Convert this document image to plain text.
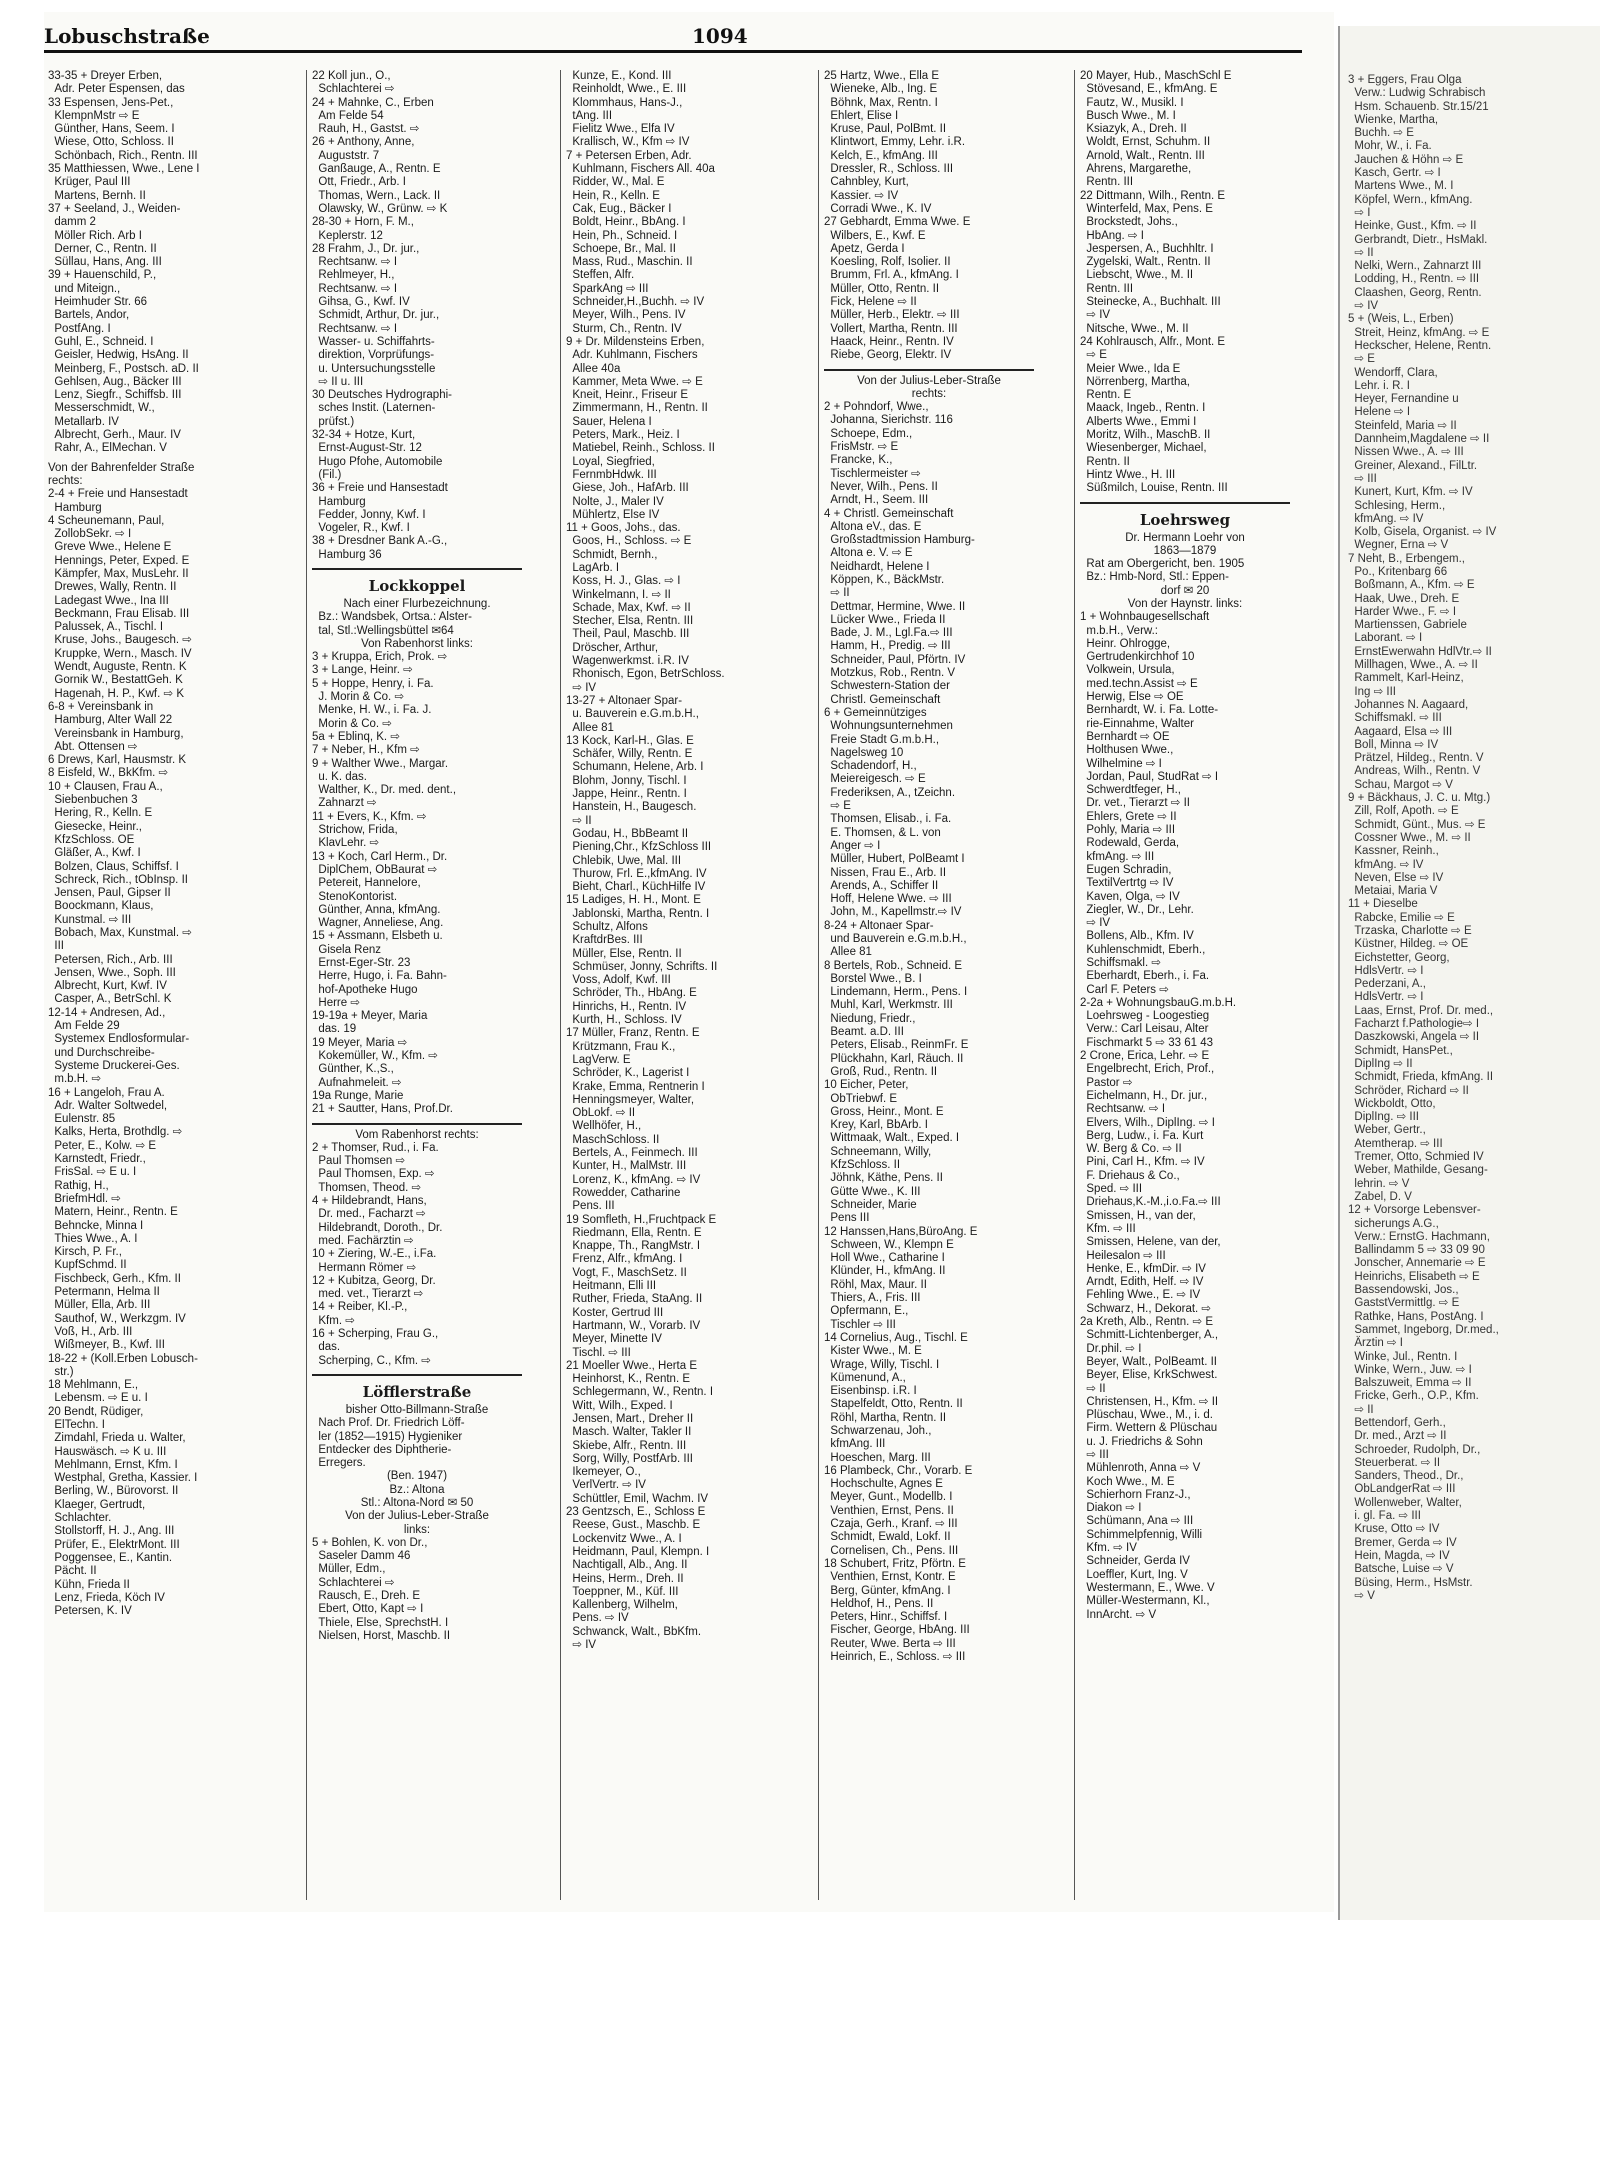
Lobuschstraße	1094
33-35 + Dreyer Erben,
Adr. Peter Espensen, das
33 Espensen, Jens-Pet.,
KlempnMstr ⇨ E
Günther, Hans, Seem. I
Wiese, Otto, Schloss. II
Schönbach, Rich., Rentn. III
35 Matthiessen, Wwe., Lene I
Krüger, Paul III
Martens, Bernh. II
37 + Seeland, J., Weiden-
damm 2
Möller Rich. Arb I
Derner, C., Rentn. II
Süllau, Hans, Ang. III
39 + Hauenschild, P.,
und Miteign.,
Heimhuder Str. 66
Bartels, Andor,
PostfAng. I
Guhl, E., Schneid. I
Geisler, Hedwig, HsAng. II
Meinberg, F., Postsch. aD. II
Gehlsen, Aug., Bäcker III
Lenz, Siegfr., Schiffsb. III
Messerschmidt, W.,
Metallarb. IV
Albrecht, Gerh., Maur. IV
Rahr, A., ElMechan. V
Von der Bahrenfelder Straße
rechts:
2-4 + Freie und Hansestadt
Hamburg
4 Scheunemann, Paul,
ZollobSekr. ⇨ I
Greve Wwe., Helene E
Hennings, Peter, Exped. E
Kämpfer, Max, MusLehr. II
Drewes, Wally, Rentn. II
Ladegast Wwe., Ina III
Beckmann, Frau Elisab. III
Palussek, A., Tischl. I
Kruse, Johs., Baugesch. ⇨
Kruppke, Wern., Masch. IV
Wendt, Auguste, Rentn. K
Gornik W., BestattGeh. K
Hagenah, H. P., Kwf. ⇨ K
6-8 + Vereinsbank in
Hamburg, Alter Wall 22
Vereinsbank in Hamburg,
Abt. Ottensen ⇨
6 Drews, Karl, Hausmstr. K
8 Eisfeld, W., BkKfm. ⇨
10 + Clausen, Frau A.,
Siebenbuchen 3
Hering, R., Kelln. E
Giesecke, Heinr.,
KfzSchloss. OE
Gläßer, A., Kwf. I
Bolzen, Claus, Schiffsf. I
Schreck, Rich., tObInsp. II
Jensen, Paul, Gipser II
Boockmann, Klaus,
Kunstmal. ⇨ III
Bobach, Max, Kunstmal. ⇨
III
Petersen, Rich., Arb. III
Jensen, Wwe., Soph. III
Albrecht, Kurt, Kwf. IV
Casper, A., BetrSchl. K
12-14 + Andresen, Ad.,
Am Felde 29
Systemex Endlosformular-
und Durchschreibe-
Systeme Druckerei-Ges.
m.b.H. ⇨
16 + Langeloh, Frau A.
Adr. Walter Soltwedel,
Eulenstr. 85
Kalks, Herta, Brothdlg. ⇨
Peter, E., Kolw. ⇨ E
Karnstedt, Friedr.,
FrisSal. ⇨ E u. I
Rathig, H.,
BriefmHdl. ⇨
Matern, Heinr., Rentn. E
Behncke, Minna I
Thies Wwe., A. I
Kirsch, P. Fr.,
KupfSchmd. II
Fischbeck, Gerh., Kfm. II
Petermann, Helma II
Müller, Ella, Arb. III
Sauthof, W., Werkzgm. IV
Voß, H., Arb. III
Wißmeyer, B., Kwf. III
18-22 + (Koll.Erben Lobusch-
str.)
18 Mehlmann, E.,
Lebensm. ⇨ E u. I
20 Bendt, Rüdiger,
ElTechn. I
Zimdahl, Frieda u. Walter,
Hauswäsch. ⇨ K u. III
Mehlmann, Ernst, Kfm. I
Westphal, Gretha, Kassier. I
Berling, W., Bürovorst. II
Klaeger, Gertrudt,
Schlachter.
Stollstorff, H. J., Ang. III
Prüfer, E., ElektrMont. III
Poggensee, E., Kantin.
Pächt. II
Kühn, Frieda II
Lenz, Frieda, Köch IV
Petersen, K. IV
22 Koll jun., O.,
Schlachterei ⇨
24 + Mahnke, C., Erben
Am Felde 54
Rauh, H., Gastst. ⇨
26 + Anthony, Anne,
Auguststr. 7
Ganßauge, A., Rentn. E
Ott, Friedr., Arb. I
Thomas, Wern., Lack. II
Olawsky, W., Grünw. ⇨ K
28-30 + Horn, F. M.,
Keplerstr. 12
28 Frahm, J., Dr. jur.,
Rechtsanw. ⇨ I
Rehlmeyer, H.,
Rechtsanw. ⇨ I
Gihsa, G., Kwf. IV
Schmidt, Arthur, Dr. jur.,
Rechtsanw. ⇨ I
Wasser- u. Schiffahrts-
direktion, Vorprüfungs-
u. Untersuchungsstelle
⇨ II u. III
30 Deutsches Hydrographi-
sches Instit. (Laternen-
prüfst.)
32-34 + Hotze, Kurt,
Ernst-August-Str. 12
Hugo Pfohe, Automobile
(Fil.)
36 + Freie und Hansestadt
Hamburg
Fedder, Jonny, Kwf. I
Vogeler, R., Kwf. I
38 + Dresdner Bank A.-G.,
Hamburg 36
Lockkoppel
Nach einer Flurbezeichnung.
Bz.: Wandsbek, Ortsa.: Alster-
tal, Stl.:Wellingsbüttel ✉64
Von Rabenhorst links:
3 + Kruppa, Erich, Prok. ⇨
3 + Lange, Heinr. ⇨
5 + Hoppe, Henry, i. Fa.
J. Morin & Co. ⇨
Menke, H. W., i. Fa. J.
Morin & Co. ⇨
5a + Eblinq, K. ⇨
7 + Neber, H., Kfm ⇨
9 + Walther Wwe., Margar.
u. K. das.
Walther, K., Dr. med. dent.,
Zahnarzt ⇨
11 + Evers, K., Kfm. ⇨
Strichow, Frida,
KlavLehr. ⇨
13 + Koch, Carl Herm., Dr.
DiplChem, ObBaurat ⇨
Petereit, Hannelore,
StenoKontorist.
Günther, Anna, kfmAng.
Wagner, Anneliese, Ang.
15 + Assmann, Elsbeth u.
Gisela Renz
Ernst-Eger-Str. 23
Herre, Hugo, i. Fa. Bahn-
hof-Apotheke Hugo
Herre ⇨
19-19a + Meyer, Maria
das. 19
19 Meyer, Maria ⇨
Kokemüller, W., Kfm. ⇨
Günther, K.,S.,
Aufnahmeleit. ⇨
19a Runge, Marie
21 + Sautter, Hans, Prof.Dr.
Vom Rabenhorst rechts:
2 + Thomser, Rud., i. Fa.
Paul Thomsen ⇨
Paul Thomsen, Exp. ⇨
Thomsen, Theod. ⇨
4 + Hildebrandt, Hans,
Dr. med., Facharzt ⇨
Hildebrandt, Doroth., Dr.
med. Fachärztin ⇨
10 + Ziering, W.-E., i.Fa.
Hermann Römer ⇨
12 + Kubitza, Georg, Dr.
med. vet., Tierarzt ⇨
14 + Reiber, Kl.-P.,
Kfm. ⇨
16 + Scherping, Frau G.,
das.
Scherping, C., Kfm. ⇨
Löfflerstraße
bisher Otto-Billmann-Straße
Nach Prof. Dr. Friedrich Löff-
ler (1852—1915) Hygieniker
Entdecker des Diphtherie-
Erregers.
(Ben. 1947)
Bz.: Altona
Stl.: Altona-Nord ✉ 50
Von der Julius-Leber-Straße
links:
5 + Bohlen, K. von Dr.,
Saseler Damm 46
Müller, Edm.,
Schlachterei ⇨
Rausch, E., Dreh. E
Ebert, Otto, Kapt ⇨ I
Thiele, Else, SprechstH. I
Nielsen, Horst, Maschb. II
Kunze, E., Kond. III
Reinholdt, Wwe., E. III
Klommhaus, Hans-J.,
tAng. III
Fielitz Wwe., Elfa IV
Krallisch, W., Kfm ⇨ IV
7 + Petersen Erben, Adr.
Kuhlmann, Fischers All. 40a
Ridder, W., Mal. E
Hein, R., Kelln. E
Cak, Eug., Bäcker I
Boldt, Heinr., BbAng. I
Hein, Ph., Schneid. I
Schoepe, Br., Mal. II
Mass, Rud., Maschin. II
Steffen, Alfr.
SparkAng ⇨ III
Schneider,H.,Buchh. ⇨ IV
Meyer, Wilh., Pens. IV
Sturm, Ch., Rentn. IV
9 + Dr. Mildensteins Erben,
Adr. Kuhlmann, Fischers
Allee 40a
Kammer, Meta Wwe. ⇨ E
Kneit, Heinr., Friseur E
Zimmermann, H., Rentn. II
Sauer, Helena I
Peters, Mark., Heiz. I
Matiebel, Reinh., Schloss. II
Loyal, Siegfried,
FernmbHdwk. III
Giese, Joh., HafArb. III
Nolte, J., Maler IV
Mühlertz, Else IV
11 + Goos, Johs., das.
Goos, H., Schloss. ⇨ E
Schmidt, Bernh.,
LagArb. I
Koss, H. J., Glas. ⇨ I
Winkelmann, I. ⇨ II
Schade, Max, Kwf. ⇨ II
Stecher, Elsa, Rentn. III
Theil, Paul, Maschb. III
Dröscher, Arthur,
Wagenwerkmst. i.R. IV
Rhonisch, Egon, BetrSchloss.
⇨ IV
13-27 + Altonaer Spar-
u. Bauverein e.G.m.b.H.,
Allee 81
13 Kock, Karl-H., Glas. E
Schäfer, Willy, Rentn. E
Schumann, Helene, Arb. I
Blohm, Jonny, Tischl. I
Jappe, Heinr., Rentn. I
Hanstein, H., Baugesch.
⇨ II
Godau, H., BbBeamt II
Piening,Chr., KfzSchloss III
Chlebik, Uwe, Mal. III
Thurow, Frl. E.,kfmAng. IV
Bieht, Charl., KüchHilfe IV
15 Ladiges, H. H., Mont. E
Jablonski, Martha, Rentn. I
Schultz, Alfons
KraftdrBes. III
Müller, Else, Rentn. II
Schmüser, Jonny, Schrifts. II
Voss, Adolf, Kwf. III
Schröder, Th., HbAng. E
Hinrichs, H., Rentn. IV
Kurth, H., Schloss. IV
17 Müller, Franz, Rentn. E
Krützmann, Frau K.,
LagVerw. E
Schröder, K., Lagerist I
Krake, Emma, Rentnerin I
Henningsmeyer, Walter,
ObLokf. ⇨ II
Wellhöfer, H.,
MaschSchloss. II
Bertels, A., Feinmech. III
Kunter, H., MalMstr. III
Lorenz, K., kfmAng. ⇨ IV
Rowedder, Catharine
Pens. III
19 Somfleth, H.,Fruchtpack E
Riedmann, Ella, Rentn. E
Knappe, Th., RangMstr. I
Frenz, Alfr., kfmAng. I
Vogt, F., MaschSetz. II
Heitmann, Elli III
Ruther, Frieda, StaAng. II
Koster, Gertrud III
Hartmann, W., Vorarb. IV
Meyer, Minette IV
Tischl. ⇨ III
21 Moeller Wwe., Herta E
Heinhorst, K., Rentn. E
Schlegermann, W., Rentn. I
Witt, Wilh., Exped. I
Jensen, Mart., Dreher II
Masch. Walter, Takler II
Skiebe, Alfr., Rentn. III
Sorg, Willy, PostfArb. III
Ikemeyer, O.,
VerlVertr. ⇨ IV
Schüttler, Emil, Wachm. IV
23 Gentzsch, E., Schloss E
Reese, Gust., Maschb. E
Lockenvitz Wwe., A. I
Heidmann, Paul, Klempn. I
Nachtigall, Alb., Ang. II
Heins, Herm., Dreh. II
Toeppner, M., Küf. III
Kallenberg, Wilhelm,
Pens. ⇨ IV
Schwanck, Walt., BbKfm.
⇨ IV
25 Hartz, Wwe., Ella E
Wieneke, Alb., Ing. E
Böhnk, Max, Rentn. I
Ehlert, Elise I
Kruse, Paul, PolBmt. II
Klintwort, Emmy, Lehr. i.R.
Kelch, E., kfmAng. III
Dressler, R., Schloss. III
Cahnbley, Kurt,
Kassier. ⇨ IV
Corradi Wwe., K. IV
27 Gebhardt, Emma Wwe. E
Wilbers, E., Kwf. E
Apetz, Gerda I
Koesling, Rolf, Isolier. II
Brumm, Frl. A., kfmAng. I
Müller, Otto, Rentn. II
Fick, Helene ⇨ II
Müller, Herb., Elektr. ⇨ III
Vollert, Martha, Rentn. III
Haack, Heinr., Rentn. IV
Riebe, Georg, Elektr. IV
Von der Julius-Leber-Straße
rechts:
2 + Pohndorf, Wwe.,
Johanna, Sierichstr. 116
Schoepe, Edm.,
FrisMstr. ⇨ E
Francke, K.,
Tischlermeister ⇨
Never, Wilh., Pens. II
Arndt, H., Seem. III
4 + Christl. Gemeinschaft
Altona eV., das. E
Großstadtmission Hamburg-
Altona e. V. ⇨ E
Neidhardt, Helene I
Köppen, K., BäckMstr.
⇨ II
Dettmar, Hermine, Wwe. II
Lücker Wwe., Frieda II
Bade, J. M., Lgl.Fa.⇨ III
Hamm, H., Predig. ⇨ III
Schneider, Paul, Pförtn. IV
Motzkus, Rob., Rentn. V
Schwestern-Station der
Christl. Gemeinschaft
6 + Gemeinnütziges
Wohnungsunternehmen
Freie Stadt G.m.b.H.,
Nagelsweg 10
Schadendorf, H.,
Meiereigesch. ⇨ E
Frederiksen, A., tZeichn.
⇨ E
Thomsen, Elisab., i. Fa.
E. Thomsen, & L. von
Anger ⇨ I
Müller, Hubert, PolBeamt I
Nissen, Frau E., Arb. II
Arends, A., Schiffer II
Hoff, Helene Wwe. ⇨ III
John, M., Kapellmstr.⇨ IV
8-24 + Altonaer Spar-
und Bauverein e.G.m.b.H.,
Allee 81
8 Bertels, Rob., Schneid. E
Borstel Wwe., B. I
Lindemann, Herm., Pens. I
Muhl, Karl, Werkmstr. III
Niedung, Friedr.,
Beamt. a.D. III
Peters, Elisab., ReinmFr. E
Plückhahn, Karl, Räuch. II
Groß, Rud., Rentn. II
10 Eicher, Peter,
ObTriebwf. E
Gross, Heinr., Mont. E
Krey, Karl, BbArb. I
Wittmaak, Walt., Exped. I
Schneemann, Willy,
KfzSchloss. II
Jöhnk, Käthe, Pens. II
Gütte Wwe., K. III
Schneider, Marie
Pens III
12 Hanssen,Hans,BüroAng. E
Schween, W., Klempn E
Holl Wwe., Catharine I
Klünder, H., kfmAng. II
Röhl, Max, Maur. II
Thiers, A., Fris. III
Opfermann, E.,
Tischler ⇨ III
14 Cornelius, Aug., Tischl. E
Kister Wwe., M. E
Wrage, Willy, Tischl. I
Kümenund, A.,
Eisenbinsp. i.R. I
Stapelfeldt, Otto, Rentn. II
Röhl, Martha, Rentn. II
Schwarzenau, Joh.,
kfmAng. III
Hoeschen, Marg. III
16 Plambeck, Chr., Vorarb. E
Hochschulte, Agnes E
Meyer, Gunt., Modellb. I
Venthien, Ernst, Pens. II
Czaja, Gerh., Kranf. ⇨ III
Schmidt, Ewald, Lokf. II
Cornelisen, Ch., Pens. III
18 Schubert, Fritz, Pförtn. E
Venthien, Ernst, Kontr. E
Berg, Günter, kfmAng. I
Heldhof, H., Pens. II
Peters, Hinr., Schiffsf. I
Fischer, George, HbAng. III
Reuter, Wwe. Berta ⇨ III
Heinrich, E., Schloss. ⇨ III
20 Mayer, Hub., MaschSchl E
Stövesand, E., kfmAng. E
Fautz, W., Musikl. I
Busch Wwe., M. I
Ksiazyk, A., Dreh. II
Woldt, Ernst, Schuhm. II
Arnold, Walt., Rentn. III
Ahrens, Margarethe,
Rentn. III
22 Dittmann, Wilh., Rentn. E
Winterfeld, Max, Pens. E
Brockstedt, Johs.,
HbAng. ⇨ I
Jespersen, A., Buchhltr. I
Zygelski, Walt., Rentn. II
Liebscht, Wwe., M. II
Rentn. III
Steinecke, A., Buchhalt. III
⇨ IV
Nitsche, Wwe., M. II
24 Kohlrausch, Alfr., Mont. E
⇨ E
Meier Wwe., Ida E
Nörrenberg, Martha,
Rentn. E
Maack, Ingeb., Rentn. I
Alberts Wwe., Emmi I
Moritz, Wilh., MaschB. II
Wiesenberger, Michael,
Rentn. II
Hintz Wwe., H. III
Süßmilch, Louise, Rentn. III
Loehrsweg
Dr. Hermann Loehr von
1863—1879
Rat am Obergericht, ben. 1905
Bz.: Hmb-Nord, Stl.: Eppen-
dorf ✉ 20
Von der Haynstr. links:
1 + Wohnbaugesellschaft
m.b.H., Verw.:
Heinr. Ohlrogge,
Gertrudenkirchhof 10
Volkwein, Ursula,
med.techn.Assist ⇨ E
Herwig, Else ⇨ OE
Bernhardt, W. i. Fa. Lotte-
rie-Einnahme, Walter
Bernhardt ⇨ OE
Holthusen Wwe.,
Wilhelmine ⇨ I
Jordan, Paul, StudRat ⇨ I
Schwerdtfeger, H.,
Dr. vet., Tierarzt ⇨ II
Ehlers, Grete ⇨ II
Pohly, Maria ⇨ III
Rodewald, Gerda,
kfmAng. ⇨ III
Eugen Schradin,
TextilVertrtg ⇨ IV
Kaven, Olga, ⇨ IV
Ziegler, W., Dr., Lehr.
⇨ IV
Bollens, Alb., Kfm. IV
Kuhlenschmidt, Eberh.,
Schiffsmakl. ⇨
Eberhardt, Eberh., i. Fa.
Carl F. Peters ⇨
2-2a + WohnungsbauG.m.b.H.
Loehrsweg - Loogestieg
Verw.: Carl Leisau, Alter
Fischmarkt 5 ⇨ 33 61 43
2 Crone, Erica, Lehr. ⇨ E
Engelbrecht, Erich, Prof.,
Pastor ⇨
Eichelmann, H., Dr. jur.,
Rechtsanw. ⇨ I
Elvers, Wilh., DiplIng. ⇨ I
Berg, Ludw., i. Fa. Kurt
W. Berg & Co. ⇨ II
Pini, Carl H., Kfm. ⇨ IV
F. Driehaus & Co.,
Sped. ⇨ III
Driehaus,K.-M.,i.o.Fa.⇨ III
Smissen, H., van der,
Kfm. ⇨ III
Smissen, Helene, van der,
Heilesalon ⇨ III
Henke, E., kfmDir. ⇨ IV
Arndt, Edith, Helf. ⇨ IV
Fehling Wwe., E. ⇨ IV
Schwarz, H., Dekorat. ⇨
2a Kreth, Alb., Rentn. ⇨ E
Schmitt-Lichtenberger, A.,
Dr.phil. ⇨ I
Beyer, Walt., PolBeamt. II
Beyer, Elise, KrkSchwest.
⇨ II
Christensen, H., Kfm. ⇨ II
Plüschau, Wwe., M., i. d.
Firm. Wettern & Plüschau
u. J. Friedrichs & Sohn
⇨ III
Mühlenroth, Anna ⇨ V
Koch Wwe., M. E
Schierhorn Franz-J.,
Diakon ⇨ I
Schümann, Ana ⇨ III
Schimmelpfennig, Willi
Kfm. ⇨ IV
Schneider, Gerda IV
Loeffler, Kurt, Ing. V
Westermann, E., Wwe. V
Müller-Westermann, Kl.,
InnArcht. ⇨ V
3 + Eggers, Frau Olga
Verw.: Ludwig Schrabisch
Hsm. Schauenb. Str.15/21
Wienke, Martha,
Buchh. ⇨ E
Mohr, W., i. Fa.
Jauchen & Höhn ⇨ E
Kasch, Gertr. ⇨ I
Martens Wwe., M. I
Köpfel, Wern., kfmAng.
⇨ I
Heinke, Gust., Kfm. ⇨ II
Gerbrandt, Dietr., HsMakl.
⇨ II
Nelki, Wern., Zahnarzt III
Lodding, H., Rentn. ⇨ III
Claashen, Georg, Rentn.
⇨ IV
5 + (Weis, L., Erben)
Streit, Heinz, kfmAng. ⇨ E
Heckscher, Helene, Rentn.
⇨ E
Wendorff, Clara,
Lehr. i. R. I
Heyer, Fernandine u
Helene ⇨ I
Steinfeld, Maria ⇨ II
Dannheim,Magdalene ⇨ II
Nissen Wwe., A. ⇨ III
Greiner, Alexand., FilLtr.
⇨ III
Kunert, Kurt, Kfm. ⇨ IV
Schlesing, Herm.,
kfmAng. ⇨ IV
Kolb, Gisela, Organist. ⇨ IV
Wegner, Erna ⇨ V
7 Neht, B., Erbengem.,
Po., Kritenbarg 66
Boßmann, A., Kfm. ⇨ E
Haak, Uwe., Dreh. E
Harder Wwe., F. ⇨ I
Martienssen, Gabriele
Laborant. ⇨ I
ErnstEwerwahn HdlVtr.⇨ II
Millhagen, Wwe., A. ⇨ II
Rammelt, Karl-Heinz,
Ing ⇨ III
Johannes N. Aagaard,
Schiffsmakl. ⇨ III
Aagaard, Elsa ⇨ III
Boll, Minna ⇨ IV
Prätzel, Hildeg., Rentn. V
Andreas, Wilh., Rentn. V
Schau, Margot ⇨ V
9 + Bäckhaus, J. C. u. Mtg.)
Zill, Rolf, Apoth. ⇨ E
Schmidt, Günt., Mus. ⇨ E
Cossner Wwe., M. ⇨ II
Kassner, Reinh.,
kfmAng. ⇨ IV
Neven, Else ⇨ IV
Metaiai, Maria V
11 + Dieselbe
Rabcke, Emilie ⇨ E
Trzaska, Charlotte ⇨ E
Küstner, Hildeg. ⇨ OE
Eichstetter, Georg,
HdlsVertr. ⇨ I
Pederzani, A.,
HdlsVertr. ⇨ I
Laas, Ernst, Prof. Dr. med.,
Facharzt f.Pathologie⇨ I
Daszkowski, Angela ⇨ II
Schmidt, HansPet.,
DiplIng ⇨ II
Schmidt, Frieda, kfmAng. II
Schröder, Richard ⇨ II
Wickboldt, Otto,
DiplIng. ⇨ III
Weber, Gertr.,
Atemtherap. ⇨ III
Tremer, Otto, Schmied IV
Weber, Mathilde, Gesang-
lehrin. ⇨ V
Zabel, D. V
12 + Vorsorge Lebensver-
sicherungs A.G.,
Verw.: ErnstG. Hachmann,
Ballindamm 5 ⇨ 33 09 90
Jonscher, Annemarie ⇨ E
Heinrichs, Elisabeth ⇨ E
Bassendowski, Jos.,
GaststVermittlg. ⇨ E
Rathke, Hans, PostAng. I
Sammet, Ingeborg, Dr.med.,
Ärztin ⇨ I
Winke, Jul., Rentn. I
Winke, Wern., Juw. ⇨ I
Balszuweit, Emma ⇨ II
Fricke, Gerh., O.P., Kfm.
⇨ II
Bettendorf, Gerh.,
Dr. med., Arzt ⇨ II
Schroeder, Rudolph, Dr.,
Steuerberat. ⇨ II
Sanders, Theod., Dr.,
ObLandgerRat ⇨ III
Wollenweber, Walter,
i. gl. Fa. ⇨ III
Kruse, Otto ⇨ IV
Bremer, Gerda ⇨ IV
Hein, Magda, ⇨ IV
Batsche, Luise ⇨ V
Büsing, Herm., HsMstr.
⇨ V
